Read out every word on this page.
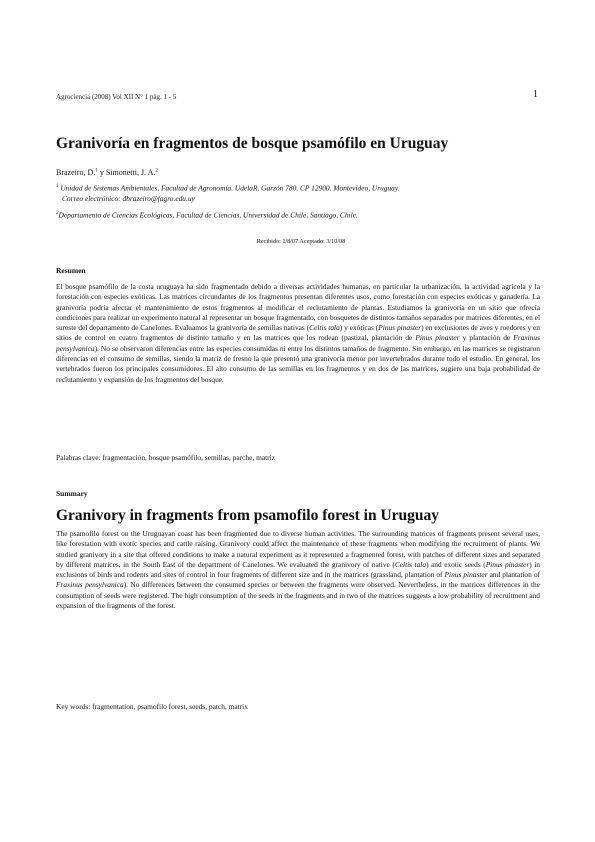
Agrociencia (2008) Vol XII N° 1 pág. 1 - 5	1
Granivoría en fragmentos de bosque psamófilo en Uruguay
Brazeiro, D.$^1$ y Simonetti, J. A.$^2$
$^1$ Unidad de Sistemas Ambientales, Facultad de Agronomía. UdelaR. Garzón 780. CP 12900. Montevideo, Uruguay.
Correo electrónico: dbrazeiro@fagro.edu.uy
$^2$Departamento de Ciencias Ecológicas, Facultad de Ciencias, Universidad de Chile, Santiago, Chile.
Recibido: 1/8/07 Aceptado: 3/10/08
Resumen
El bosque psamófilo de la costa uruguaya ha sido fragmentado debido a diversas actividades humanas, en particular la urbanización, la actividad agrícola y la forestación con especies exóticas. Las matrices circundantes de los fragmentos presentan diferentes usos, como forestación con especies exóticas y ganadería. La granivoría podría afectar el mantenimiento de estos fragmentos al modificar el reclutamiento de plantas. Estudiamos la granivoría en un sitio que ofrecía condiciones para realizar un experimento natural al representar un bosque fragmentado, con bosquetes de distintos tamaños separados por matrices diferentes, en el sureste del departamento de Canelones. Evaluamos la granivoría de semillas nativas (Celtis tala) y exóticas (Pinus pinaster) en exclusiones de aves y roedores y en sitios de control en cuatro fragmentos de distinto tamaño y en las matrices que los rodean (pastizal, plantación de Pinus pinaster y plantación de Fraxinus pensylvanica). No se observaron diferencias entre las especies consumidas ni entre los distintos tamaños de fragmento. Sin embargo, en las matrices se registraron diferencias en el consumo de semillas, siendo la matriz de fresno la que presentó una granivoría menor por invertebrados durante todo el estudio. En general, los vertebrados fueron los principales consumidores. El alto consumo de las semillas en los fragmentos y en dos de las matrices, sugiere una baja probabilidad de reclutamiento y expansión de los fragmentos del bosque.
Palabras clave: fragmentación, bosque psamófilo, semillas, parche, matriz
Summary
Granivory in fragments from psamofilo forest in Uruguay
The psamofilo forest on the Uruguayan coast has been fragmented due to diverse human activities. The surrounding matrices of fragments present several uses, like forestation with exotic species and cattle raising. Granivory could affect the maintenance of these fragments when modifying the recruitment of plants. We studied granivory in a site that offered conditions to make a natural experiment as it represented a fragmented forest, with patches of different sizes and separated by different matrices, in the South East of the department of Canelones. We evaluated the granivory of native (Celtis tala) and exotic seeds (Pinus pinaster) in exclusions of birds and rodents and sites of control in four fragments of different size and in the matrices (grassland, plantation of Pinus pinaster and plantation of Fraxinus pensylvanica). No differences between the consumed species or between the fragments were observed. Nevertheless, in the matrices differences in the consumption of seeds were registered. The high consumption of the seeds in the fragments and in two of the matrices suggests a low probability of recruitment and expansion of the fragments of the forest.
Key words: fragmentation, psamofilo forest, seeds, patch, matrix
